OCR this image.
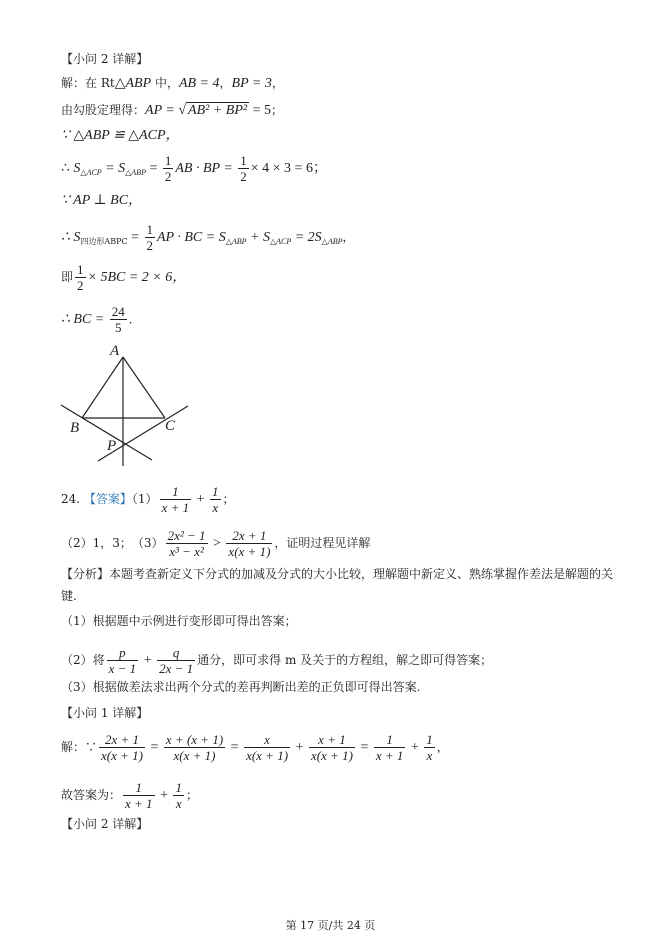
【小问 2 详解】
解：在 Rt△ABP 中，AB = 4，BP = 3，
由勾股定理得：AP = √ AB² + BP² = 5；
∵ △ABP ≌ △ACP，
∴ $S_{\triangle ACP} = S_{\triangle ABP} = \frac{1}{2}$ AB · BP = $\frac{1}{2} \times 4 \times 3 = 6$；
∵ AP ⊥ BC，
∴ $S_{四边形ABPC} = \frac{1}{2}$ AP · BC = $S_{\triangle ABP} + S_{\triangle ACP} = 2S_{\triangle ABP}$，
即 $\frac{1}{2} \times 5BC = 2 \times 6$，
∴ BC = $\frac{24}{5}$ ．
A
B	C
P
24. 【答案】$(1) \frac{1}{x + 1} + \frac{1}{x}$ ；
（2）1，3；　 $(3) \frac{\text{2x² − 1}}{\text{x³ − x²}} > \frac{2x + 1}{x(x + 1)}$ ，证明过程见详解
【分析】本题考查新定义下分式的加减及分式的大小比较，理解题中新定义、熟练掌握作差法是解题的关
键.
（1）根据题中示例进行变形即可得出答案；
（2）将 $\frac{p}{x - 1} + \frac{q}{2x - 1}$ 通分，即可求得 m 及关于的方程组，解之即可得答案；
（3）根据做差法求出两个分式的差再判断出差的正负即可得出答案.
【小问 1 详解】
解：∵ $\frac{2x + 1}{x(x + 1)} = \frac{x + (x + 1)}{x(x + 1)} = \frac{x}{x(x + 1)} + \frac{x + 1}{x(x + 1)} = \frac{1}{x + 1} + \frac{1}{x}$ ，
故答案为： $\frac{1}{x + 1} + \frac{1}{x}$ ；
【小问 2 详解】
第 17 页/共 24 页
